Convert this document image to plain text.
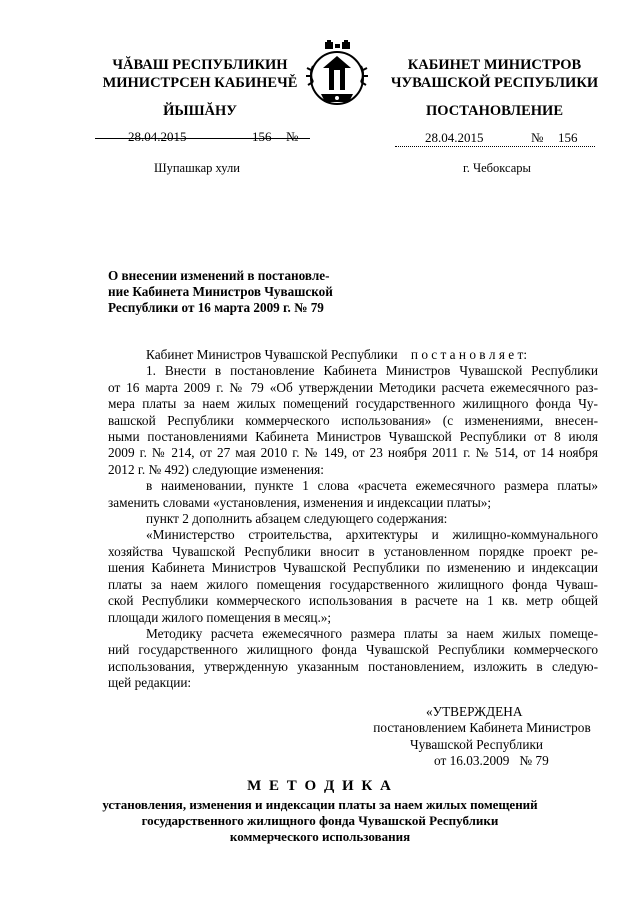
ЧĂВАШ РЕСПУБЛИКИН
МИНИСТРСЕН КАБИНЕЧĚ
ЙЫШĂНУ
28.04.2015	156 №
Шупашкар хули
КАБИНЕТ МИНИСТРОВ
ЧУВАШСКОЙ РЕСПУБЛИКИ
ПОСТАНОВЛЕНИЕ
28.04.2015	№ 156
г. Чебоксары
О внесении изменений в постановле-
ние Кабинета Министров Чувашской
Республики от 16 марта 2009 г. № 79
Кабинет Министров Чувашской Республики п о с т а н о в л я е т:
1. Внести в постановление Кабинета Министров Чувашской Республики
от 16 марта 2009 г. № 79 «Об утверждении Методики расчета ежемесячного раз-
мера платы за наем жилых помещений государственного жилищного фонда Чу-
вашской Республики коммерческого использования» (с изменениями, внесен-
ными постановлениями Кабинета Министров Чувашской Республики от 8 июля
2009 г. № 214, от 27 мая 2010 г. № 149, от 23 ноября 2011 г. № 514, от 14 ноября
2012 г. № 492) следующие изменения:
в наименовании, пункте 1 слова «расчета ежемесячного размера платы»
заменить словами «установления, изменения и индексации платы»;
пункт 2 дополнить абзацем следующего содержания:
«Министерство строительства, архитектуры и жилищно-коммунального
хозяйства Чувашской Республики вносит в установленном порядке проект ре-
шения Кабинета Министров Чувашской Республики по изменению и индексации
платы за наем жилого помещения государственного жилищного фонда Чуваш-
ской Республики коммерческого использования в расчете на 1 кв. метр общей
площади жилого помещения в месяц.»;
Методику расчета ежемесячного размера платы за наем жилых помеще-
ний государственного жилищного фонда Чувашской Республики коммерческого
использования, утвержденную указанным постановлением, изложить в следую-
щей редакции:
«УТВЕРЖДЕНА
постановлением Кабинета Министров
Чувашской Республики
от 16.03.2009   № 79
М Е Т О Д И К А
установления, изменения и индексации платы за наем жилых помещений
государственного жилищного фонда Чувашской Республики
коммерческого использования
